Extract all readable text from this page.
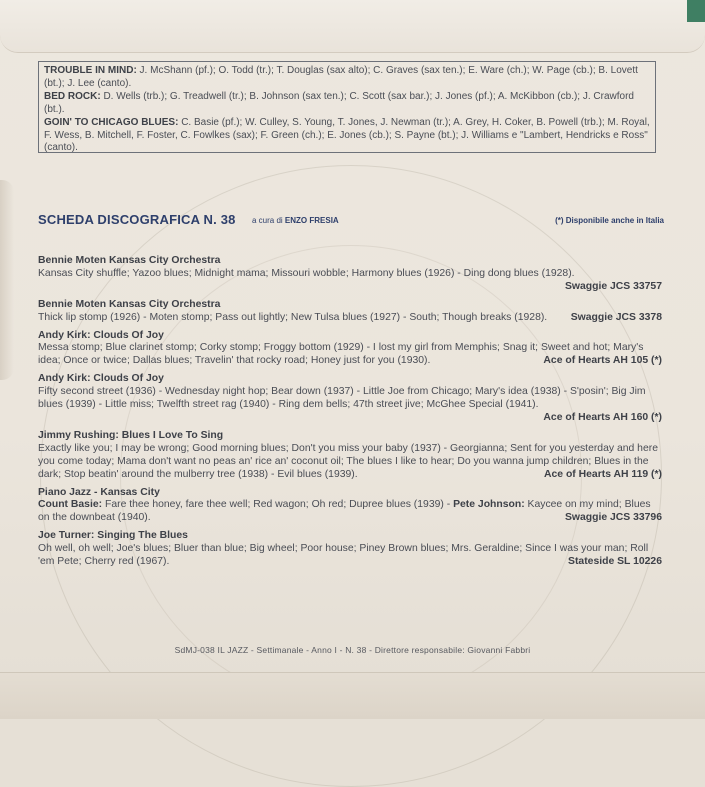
TROUBLE IN MIND: J. McShann (pf.); O. Todd (tr.); T. Douglas (sax alto); C. Graves (sax ten.); E. Ware (ch.); W. Page (cb.); B. Lovett (bt.); J. Lee (canto).

BED ROCK: D. Wells (trb.); G. Treadwell (tr.); B. Johnson (sax ten.); C. Scott (sax bar.); J. Jones (pf.); A. McKibbon (cb.); J. Crawford (bt.).

GOIN' TO CHICAGO BLUES: C. Basie (pf.); W. Culley, S. Young, T. Jones, J. Newman (tr.); A. Grey, H. Coker, B. Powell (trb.); M. Royal, F. Wess, B. Mitchell, F. Foster, C. Fowlkes (sax); F. Green (ch.); E. Jones (cb.); S. Payne (bt.); J. Williams e "Lambert, Hendricks e Ross" (canto).

SCHEDA DISCOGRAFICA N. 38 a cura di ENZO FRESIA	(*) Disponibile anche in Italia

Bennie Moten Kansas City Orchestra

Kansas City shuffle; Yazoo blues; Midnight mama; Missouri wobble; Harmony blues (1926) - Ding dong blues (1928).
Swaggie JCS 33757

Bennie Moten Kansas City Orchestra

Thick lip stomp (1926) - Moten stomp; Pass out lightly; New Tulsa blues (1927) - South; Though breaks (1928). Swaggie JCS 3378

Andy Kirk: Clouds Of Joy

Messa stomp; Blue clarinet stomp; Corky stomp; Froggy bottom (1929) - I lost my girl from Memphis; Snag it; Sweet and hot; Mary's idea; Once or twice; Dallas blues; Travelin' that rocky road; Honey just for you (1930).	Ace of Hearts AH 105 (*)

Andy Kirk: Clouds Of Joy

Fifty second street (1936) - Wednesday night hop; Bear down (1937) - Little Joe from Chicago; Mary's idea (1938) - S'posin'; Big Jim blues (1939) - Little miss; Twelfth street rag (1940) - Ring dem bells; 47th street jive; McGhee Special (1941).
Ace of Hearts AH 160 (*)

Jimmy Rushing: Blues I Love To Sing

Exactly like you; I may be wrong; Good morning blues; Don't you miss your baby (1937) - Georgianna; Sent for you yesterday and here you come today; Mama don't want no peas an' rice an' coconut oil; The blues I like to hear; Do you wanna jump children; Blues in the dark; Stop beatin' around the mulberry tree (1938) - Evil blues (1939).	Ace of Hearts AH 119 (*)

Piano Jazz - Kansas City

Count Basie: Fare thee honey, fare thee well; Red wagon; Oh red; Dupree blues (1939) - Pete Johnson: Kaycee on my mind; Blues on the downbeat (1940).	Swaggie JCS 33796

Joe Turner: Singing The Blues

Oh well, oh well; Joe's blues; Bluer than blue; Big wheel; Poor house; Piney Brown blues; Mrs. Geraldine; Since I was your man; Roll 'em Pete; Cherry red (1967).	Stateside SL 10226

SdMJ-038 IL JAZZ - Settimanale - Anno I - N. 38 - Direttore responsabile: Giovanni Fabbri
